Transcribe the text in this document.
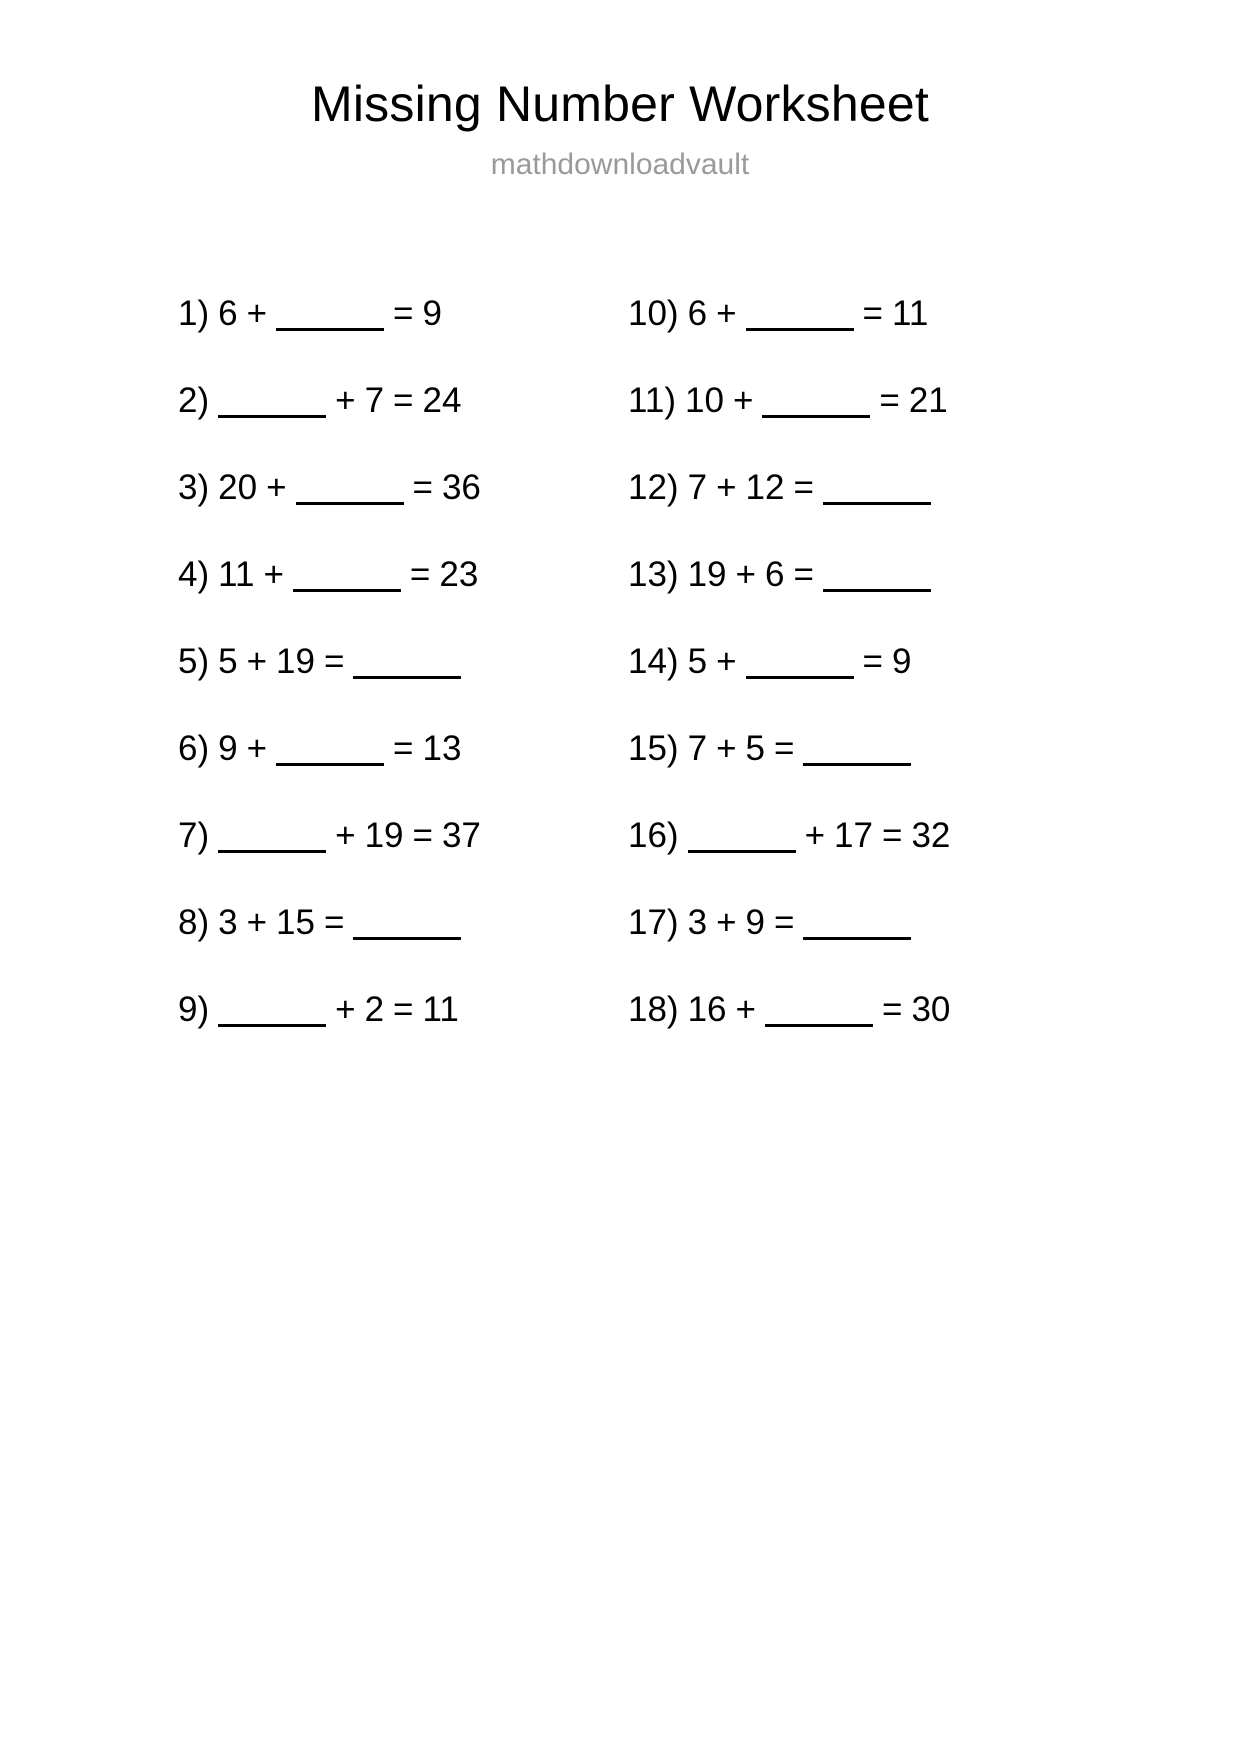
Missing Number Worksheet
mathdownloadvault
1) 6 +	= 9
2)	+ 7 = 24
3) 20 +	= 36
4) 11 +	= 23
5) 5 + 19 =
6) 9 +	= 13
7)	+ 19 = 37
8) 3 + 15 =
9)	+ 2 = 11
10) 6 +	= 11
11) 10 +	= 21
12) 7 + 12 =
13) 19 + 6 =
14) 5 +	= 9
15) 7 + 5 =
16)	+ 17 = 32
17) 3 + 9 =
18) 16 +	= 30
